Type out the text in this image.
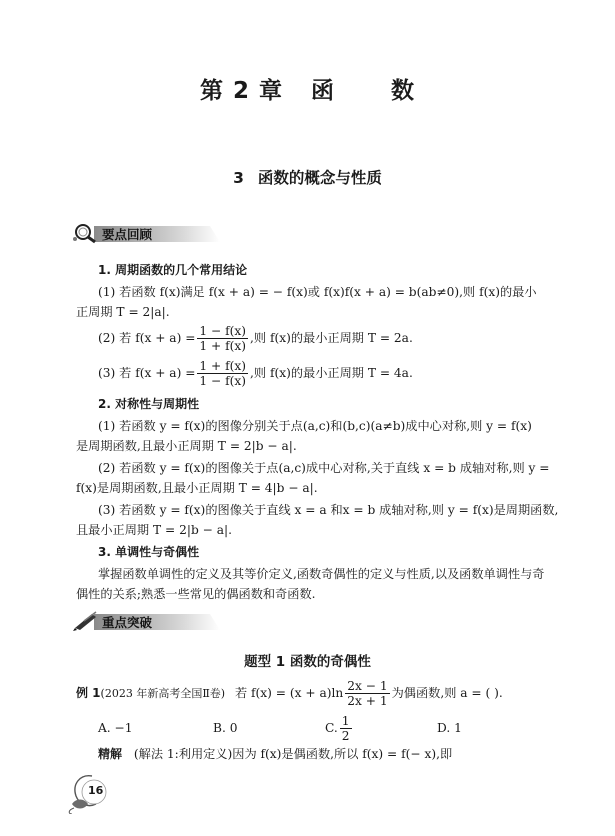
第 2 章 函 数
3 函数的概念与性质
要点回顾
1. 周期函数的几个常用结论
(1) 若函数 f(x)满足 f(x + a) = − f(x)或 f(x)f(x + a) = b(ab≠0),则 f(x)的最小
正周期 T = 2|a|.
(2) 若 $f(x + a) = \frac{1 - f(x)}{1 + f(x)}$ ,则 f(x)的最小正周期 T = 2a.
(3) 若 $f(x + a) = \frac{1 + f(x)}{1 - f(x)}$ ,则 f(x)的最小正周期 T = 4a.
2. 对称性与周期性
(1) 若函数 y = f(x)的图像分别关于点(a,c)和(b,c)(a≠b)成中心对称,则 y = f(x)
是周期函数,且最小正周期 T = 2|b − a|.
(2) 若函数 y = f(x)的图像关于点(a,c)成中心对称,关于直线 x = b 成轴对称,则 y =
f(x)是周期函数,且最小正周期 T = 4|b − a|.
(3) 若函数 y = f(x)的图像关于直线 x = a 和x = b 成轴对称,则 y = f(x)是周期函数,
且最小正周期 T = 2|b − a|.
3. 单调性与奇偶性
掌握函数单调性的定义及其等价定义,函数奇偶性的定义与性质,以及函数单调性与奇
偶性的关系;熟悉一些常见的偶函数和奇函数.
重点突破
题型 1 函数的奇偶性
例 1(2023 年新高考全国Ⅱ卷) 若 $f(x) = (x + a)\ln \frac{2x - 1}{2x + 1}$ 为偶函数,则 a = ( ).
A. −1	B. 0	C. $\frac{1}{2}$	D. 1
精解 (解法 1:利用定义)因为 f(x)是偶函数,所以 f(x) = f(− x),即
16
